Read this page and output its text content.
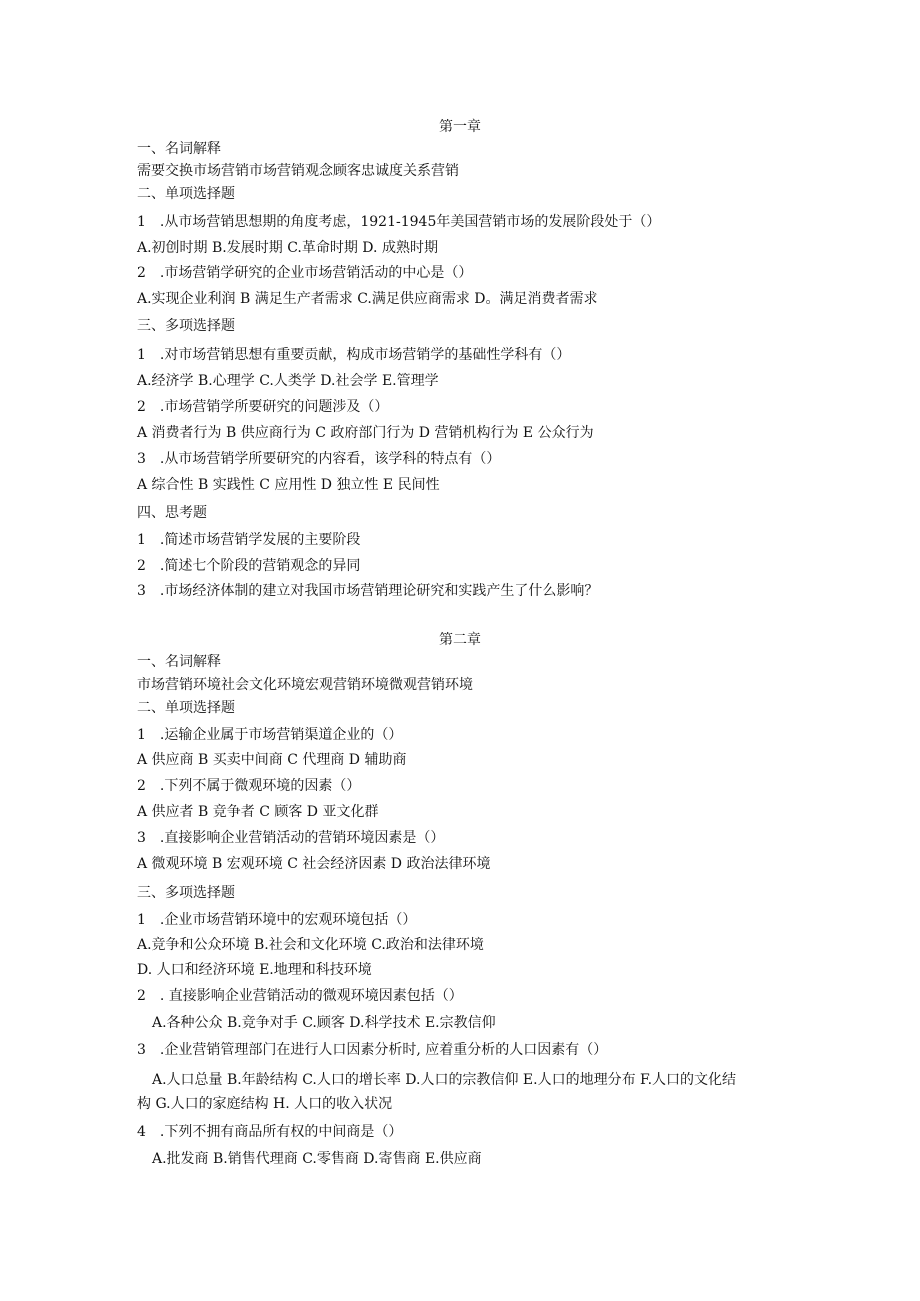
第一章
一、名词解释
需要交换市场营销市场营销观念顾客忠诚度关系营销
二、单项选择题
1　.从市场营销思想期的角度考虑，1921-1945年美国营销市场的发展阶段处于（）
A.初创时期 B.发展时期 C.革命时期 D. 成熟时期
2　.市场营销学研究的企业市场营销活动的中心是（）
A.实现企业利润 B 满足生产者需求 C.满足供应商需求 D。满足消费者需求
三、多项选择题
1　.对市场营销思想有重要贡献，构成市场营销学的基础性学科有（）
A.经济学 B.心理学 C.人类学 D.社会学 E.管理学
2　.市场营销学所要研究的问题涉及（）
A 消费者行为 B 供应商行为 C 政府部门行为 D 营销机构行为 E 公众行为
3　.从市场营销学所要研究的内容看，该学科的特点有（）
A 综合性 B 实践性 C 应用性 D 独立性 E 民间性
四、思考题
1　.简述市场营销学发展的主要阶段
2　.简述七个阶段的营销观念的异同
3　.市场经济体制的建立对我国市场营销理论研究和实践产生了什么影响？
第二章
一、名词解释
市场营销环境社会文化环境宏观营销环境微观营销环境
二、单项选择题
1　.运输企业属于市场营销渠道企业的（）
A 供应商 B 买卖中间商 C 代理商 D 辅助商
2　.下列不属于微观环境的因素（）
A 供应者 B 竞争者 C 顾客 D 亚文化群
3　.直接影响企业营销活动的营销环境因素是（）
A 微观环境 B 宏观环境 C 社会经济因素 D 政治法律环境
三、多项选择题
1　.企业市场营销环境中的宏观环境包括（）
A.竞争和公众环境 B.社会和文化环境 C.政治和法律环境
D. 人口和经济环境 E.地理和科技环境
2　. 直接影响企业营销活动的微观环境因素包括（）
A.各种公众 B.竞争对手 C.顾客 D.科学技术 E.宗教信仰
3　.企业营销管理部门在进行人口因素分析时, 应着重分析的人口因素有（）
A.人口总量 B.年龄结构 C.人口的增长率 D.人口的宗教信仰 E.人口的地理分布 F.人口的文化结
构 G.人口的家庭结构 H. 人口的收入状况
4　.下列不拥有商品所有权的中间商是（）
A.批发商 B.销售代理商 C.零售商 D.寄售商 E.供应商
